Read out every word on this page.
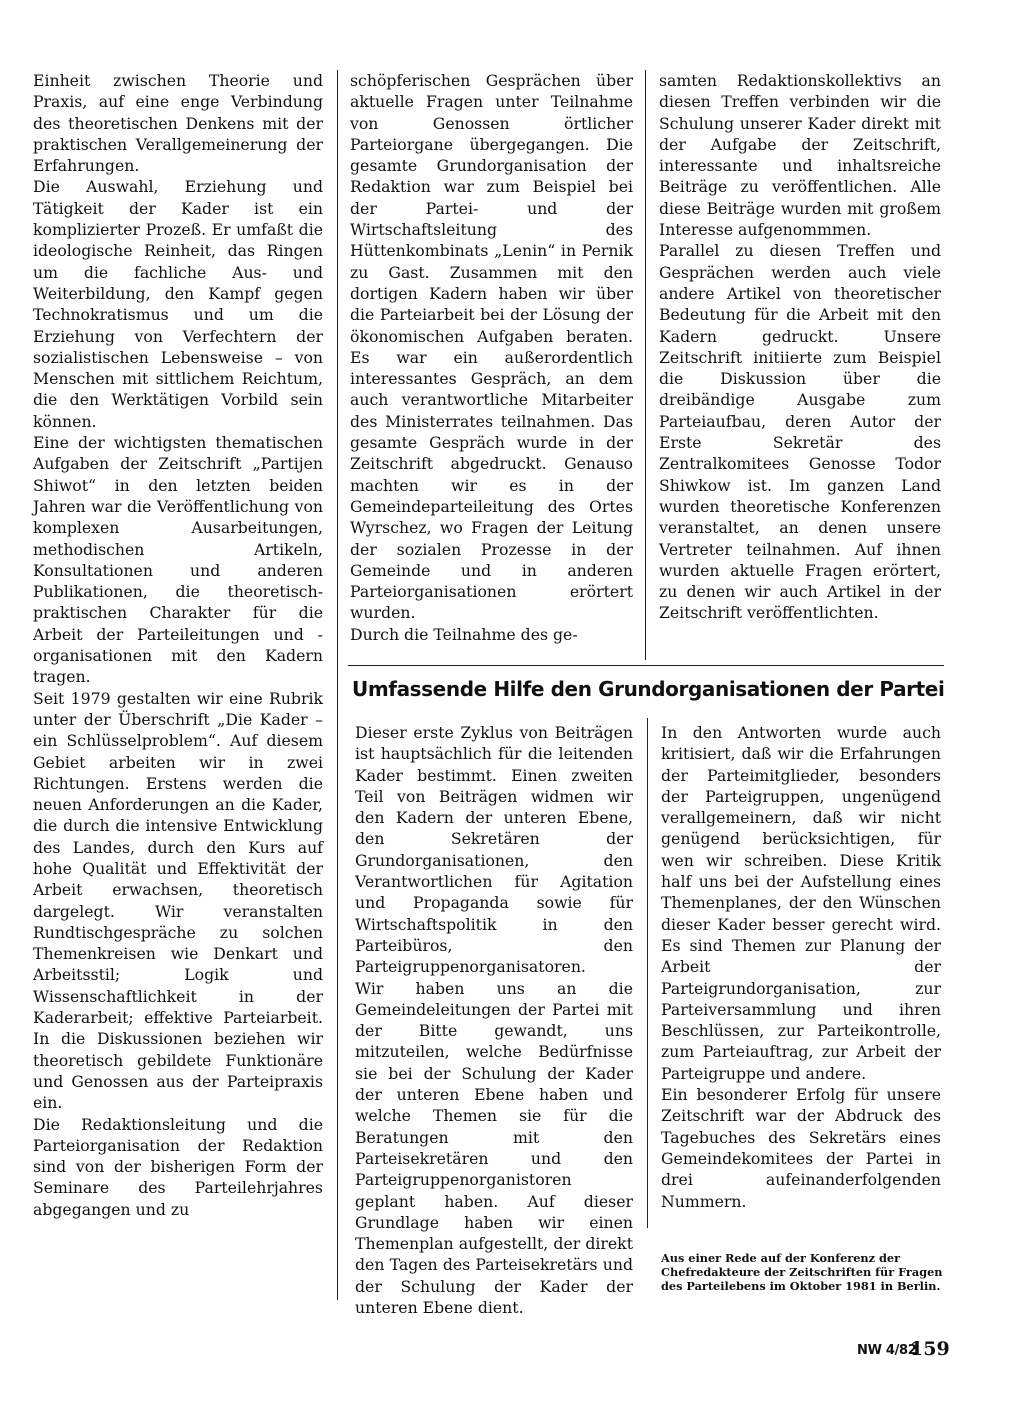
Einheit zwischen Theorie und Praxis, auf eine enge Verbindung des theoretischen Denkens mit der praktischen Verallgemeinerung der Erfahrungen.

Die Auswahl, Erziehung und Tätigkeit der Kader ist ein komplizierter Prozeß. Er umfaßt die ideologische Reinheit, das Ringen um die fachliche Aus- und Weiterbildung, den Kampf gegen Technokratismus und um die Erziehung von Verfechtern der sozialistischen Lebensweise – von Menschen mit sittlichem Reichtum, die den Werktätigen Vorbild sein können.

Eine der wichtigsten thematischen Aufgaben der Zeitschrift „Partijen Shiwot“ in den letzten beiden Jahren war die Veröffentlichung von komplexen Ausarbeitungen, methodischen Artikeln, Konsultationen und anderen Publikationen, die theoretisch-praktischen Charakter für die Arbeit der Parteileitungen und -organisationen mit den Kadern tragen.

Seit 1979 gestalten wir eine Rubrik unter der Überschrift „Die Kader – ein Schlüsselproblem“. Auf diesem Gebiet arbeiten wir in zwei Richtungen. Erstens werden die neuen Anforderungen an die Kader, die durch die intensive Entwicklung des Landes, durch den Kurs auf hohe Qualität und Effektivität der Arbeit erwachsen, theoretisch dargelegt. Wir veranstalten Rundtischgespräche zu solchen Themenkreisen wie Denkart und Arbeitsstil; Logik und Wissenschaftlichkeit in der Kaderarbeit; effektive Parteiarbeit. In die Diskussionen beziehen wir theoretisch gebildete Funktionäre und Genossen aus der Parteipraxis ein.

Die Redaktionsleitung und die Parteiorganisation der Redaktion sind von der bisherigen Form der Seminare des Parteilehrjahres abgegangen und zu

schöpferischen Gesprächen über aktuelle Fragen unter Teilnahme von Genossen örtlicher Parteiorgane übergegangen. Die gesamte Grundorganisation der Redaktion war zum Beispiel bei der Partei- und der Wirtschaftsleitung des Hüttenkombinats „Lenin“ in Pernik zu Gast. Zusammen mit den dortigen Kadern haben wir über die Parteiarbeit bei der Lösung der ökonomischen Aufgaben beraten. Es war ein außerordentlich interessantes Gespräch, an dem auch verantwortliche Mitarbeiter des Ministerrates teilnahmen. Das gesamte Gespräch wurde in der Zeitschrift abgedruckt. Genauso machten wir es in der Gemeindeparteileitung des Ortes Wyrschez, wo Fragen der Leitung der sozialen Prozesse in der Gemeinde und in anderen Parteiorganisationen erörtert wurden.

Durch die Teilnahme des ge-

samten Redaktionskollektivs an diesen Treffen verbinden wir die Schulung unserer Kader direkt mit der Aufgabe der Zeitschrift, interessante und inhaltsreiche Beiträge zu veröffentlichen. Alle diese Beiträge wurden mit großem Interesse aufgenommmen.

Parallel zu diesen Treffen und Gesprächen werden auch viele andere Artikel von theoretischer Bedeutung für die Arbeit mit den Kadern gedruckt. Unsere Zeitschrift initiierte zum Beispiel die Diskussion über die dreibändige Ausgabe zum Parteiaufbau, deren Autor der Erste Sekretär des Zentralkomitees Genosse Todor Shiwkow ist. Im ganzen Land wurden theoretische Konferenzen veranstaltet, an denen unsere Vertreter teilnahmen. Auf ihnen wurden aktuelle Fragen erörtert, zu denen wir auch Artikel in der Zeitschrift veröffentlichten.

Umfassende Hilfe den Grundorganisationen der Partei

Dieser erste Zyklus von Beiträgen ist hauptsächlich für die leitenden Kader bestimmt. Einen zweiten Teil von Beiträgen widmen wir den Kadern der unteren Ebene, den Sekretären der Grundorganisationen, den Verantwortlichen für Agitation und Propaganda sowie für Wirtschaftspolitik in den Parteibüros, den Parteigruppenorganisatoren.

Wir haben uns an die Gemeindeleitungen der Partei mit der Bitte gewandt, uns mitzuteilen, welche Bedürfnisse sie bei der Schulung der Kader der unteren Ebene haben und welche Themen sie für die Beratungen mit den Parteisekretären und den Parteigruppenorganistoren geplant haben. Auf dieser Grundlage haben wir einen Themenplan aufgestellt, der direkt den Tagen des Parteisekretärs und der Schulung der Kader der unteren Ebene dient.

In den Antworten wurde auch kritisiert, daß wir die Erfahrungen der Parteimitglieder, besonders der Parteigruppen, ungenügend verallgemeinern, daß wir nicht genügend berücksichtigen, für wen wir schreiben. Diese Kritik half uns bei der Aufstellung eines Themenplanes, der den Wünschen dieser Kader besser gerecht wird. Es sind Themen zur Planung der Arbeit der Parteigrundorganisation, zur Parteiversammlung und ihren Beschlüssen, zur Parteikontrolle, zum Parteiauftrag, zur Arbeit der Parteigruppe und andere.

Ein besonderer Erfolg für unsere Zeitschrift war der Abdruck des Tagebuches des Sekretärs eines Gemeindekomitees der Partei in drei aufeinanderfolgenden Nummern.

Aus einer Rede auf der Konferenz der Chefredakteure der Zeitschriften für Fragen des Parteilebens im Oktober 1981 in Berlin.

NW 4/82
159
